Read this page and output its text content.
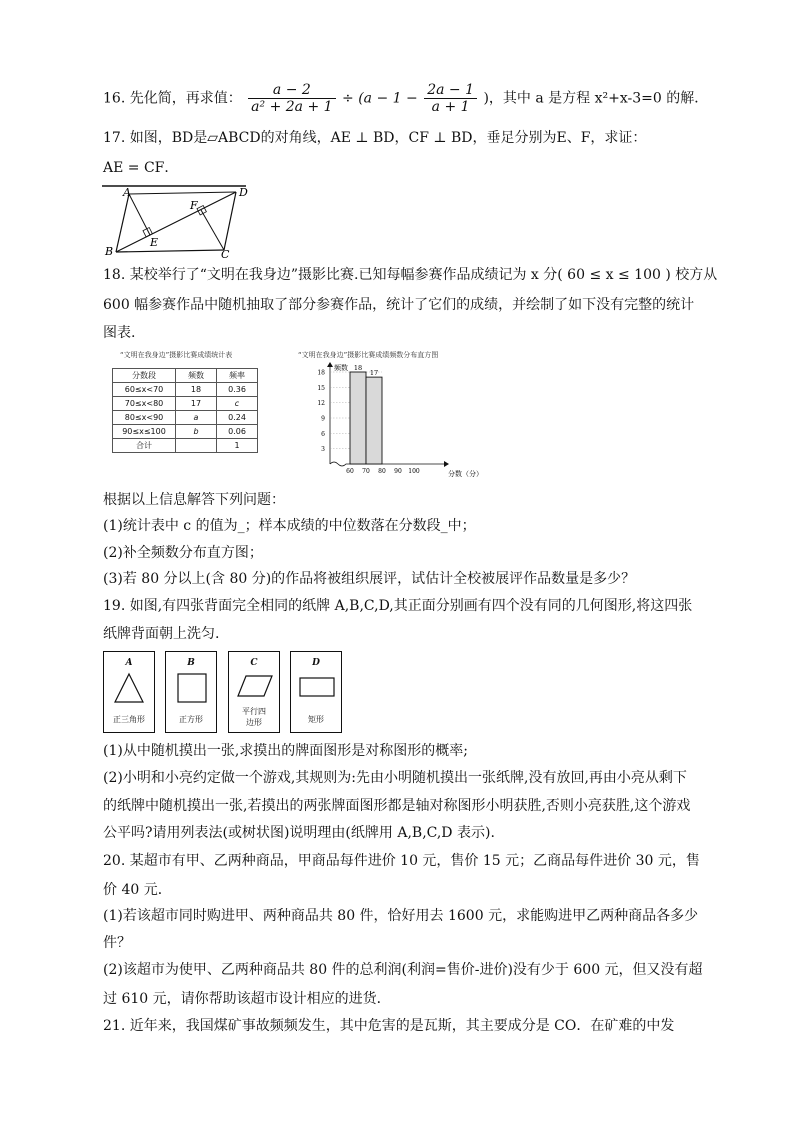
16. 先化简，再求值： $\frac{a - 2}{\text{a² + 2a + 1}} \div (a - 1 - \frac{2a - 1}{a + 1}$ )，其中 a 是方程 x²+x-3=0 的解．
17. 如图，BD是▱ABCD的对角线，AE ⊥ BD，CF ⊥ BD，垂足分别为E、F，求证：
AE = CF．
A	D
B	C
E
F
18. 某校举行了“文明在我身边”摄影比赛.已知每幅参赛作品成绩记为 x 分( 60 ≤ x ≤ 100 ) 校方从
600 幅参赛作品中随机抽取了部分参赛作品，统计了它们的成绩，并绘制了如下没有完整的统计
图表.
“文明在我身边”摄影比赛成绩统计表
分数段	频数	频率
60≤x<70	18	0.36
70≤x<80	17	c
80≤x<90	a	0.24
90≤x≤100	b	0.06
合计		1
“文明在我身边”摄影比赛成绩频数分布直方图
3
6
9
12
15
18
60 70 80 90 100
18
17
频数
分数（分）
根据以上信息解答下列问题：
(1)统计表中 c 的值为_；样本成绩的中位数落在分数段_中；
(2)补全频数分布直方图；
(3)若 80 分以上(含 80 分)的作品将被组织展评，试估计全校被展评作品数量是多少？
19. 如图,有四张背面完全相同的纸牌 A,B,C,D,其正面分别画有四个没有同的几何图形,将这四张
纸牌背面朝上洗匀.
A
正三角形
B
正方形
C
平行四
边形
D
矩形
(1)从中随机摸出一张,求摸出的牌面图形是对称图形的概率;
(2)小明和小亮约定做一个游戏,其规则为:先由小明随机摸出一张纸牌,没有放回,再由小亮从剩下
的纸牌中随机摸出一张,若摸出的两张牌面图形都是轴对称图形小明获胜,否则小亮获胜,这个游戏
公平吗?请用列表法(或树状图)说明理由(纸牌用 A,B,C,D 表示).
20. 某超市有甲、乙两种商品，甲商品每件进价 10 元，售价 15 元；乙商品每件进价 30 元，售
价 40 元．
(1)若该超市同时购进甲、两种商品共 80 件，恰好用去 1600 元，求能购进甲乙两种商品各多少
件？
(2)该超市为使甲、乙两种商品共 80 件的总利润(利润=售价-进价)没有少于 600 元，但又没有超
过 610 元，请你帮助该超市设计相应的进货．
21. 近年来，我国煤矿事故频频发生，其中危害的是瓦斯，其主要成分是 CO．在矿难的中发
